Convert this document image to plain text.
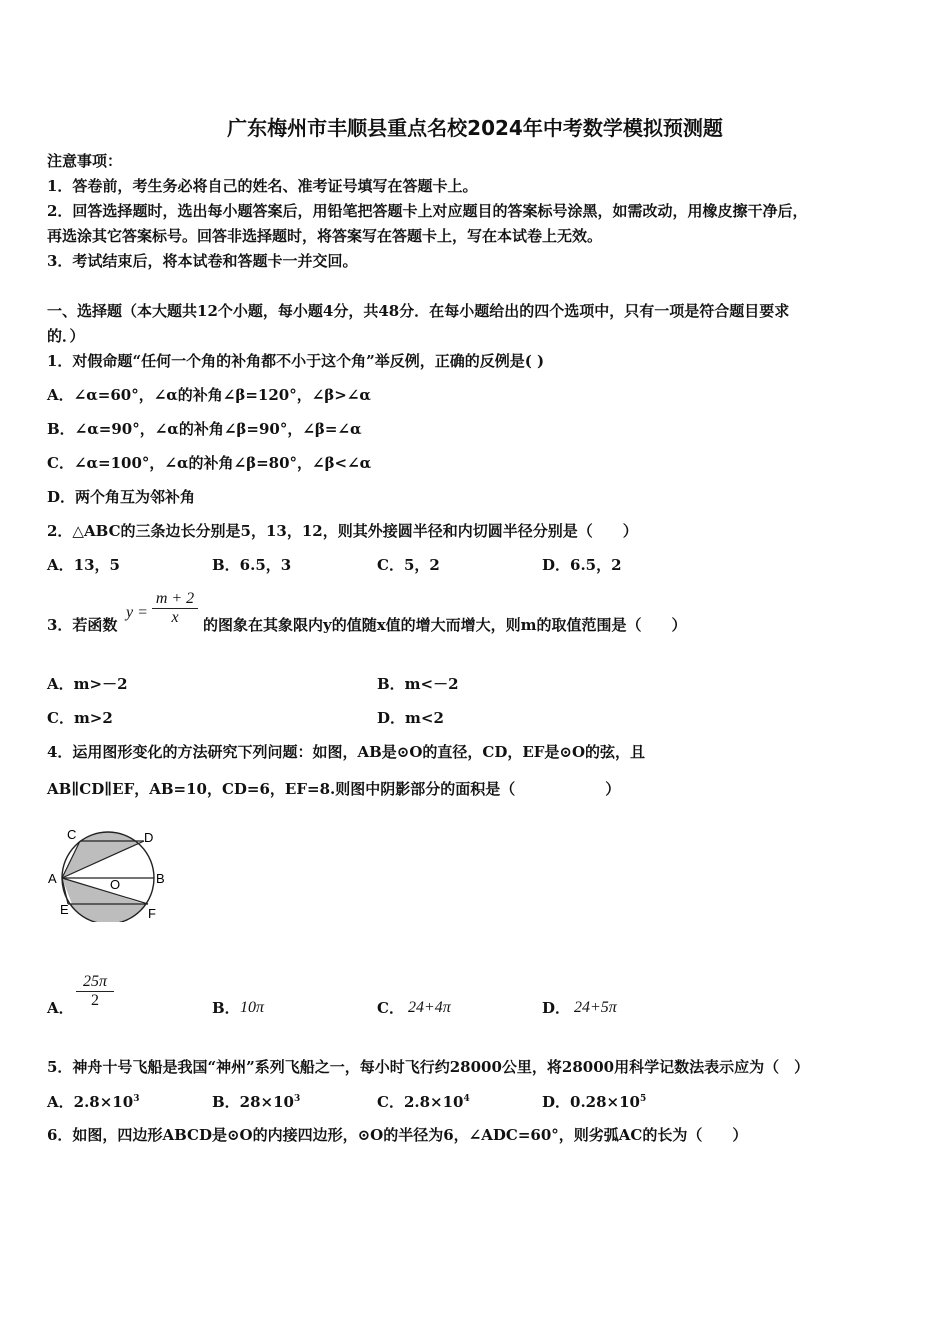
广东梅州市丰顺县重点名校2024年中考数学模拟预测题
注意事项：
1．答卷前，考生务必将自己的姓名、准考证号填写在答题卡上。
2．回答选择题时，选出每小题答案后，用铅笔把答题卡上对应题目的答案标号涂黑，如需改动，用橡皮擦干净后，
再选涂其它答案标号。回答非选择题时，将答案写在答题卡上，写在本试卷上无效。
3．考试结束后，将本试卷和答题卡一并交回。
一、选择题（本大题共12个小题，每小题4分，共48分．在每小题给出的四个选项中，只有一项是符合题目要求
的．）
1．对假命题“任何一个角的补角都不小于这个角”举反例，正确的反例是( )
A．∠α=60°，∠α的补角∠β=120°，∠β>∠α
B．∠α=90°，∠α的补角∠β=90°，∠β=∠α
C．∠α=100°，∠α的补角∠β=80°，∠β<∠α
D．两个角互为邻补角
2．△ABC的三条边长分别是5，13，12，则其外接圆半径和内切圆半径分别是（　　）
A．13，5	B．6.5，3	C．5，2	D．6.5，2
3．若函数
$y = \frac{m + 2}{x}$ 的图象在其象限内y的值随x值的增大而增大，则m的取值范围是（　　）
A．m>－2	B．m<－2
C．m>2	D．m<2
4．运用图形变化的方法研究下列问题：如图，AB是⊙O的直径，CD，EF是⊙O的弦，且
AB∥CD∥EF，AB=10，CD=6，EF=8.则图中阴影部分的面积是（　　　　　　）
C	D
A	O	B
E	F
A． $\frac{25\pi}{2}$	B． 10π	C． 24+4π	D． 24+5π
5．神舟十号飞船是我国“神州”系列飞船之一，每小时飞行约28000公里，将28000用科学记数法表示应为（　）
A．$2.8\times 10^3$	B．$28\times 10^3$	C．$2.8\times 10^4$	D．$0.28\times 10^5$
6．如图，四边形ABCD是⊙O的内接四边形，⊙O的半径为6，∠ADC=60°，则劣弧AC的长为（　　）
